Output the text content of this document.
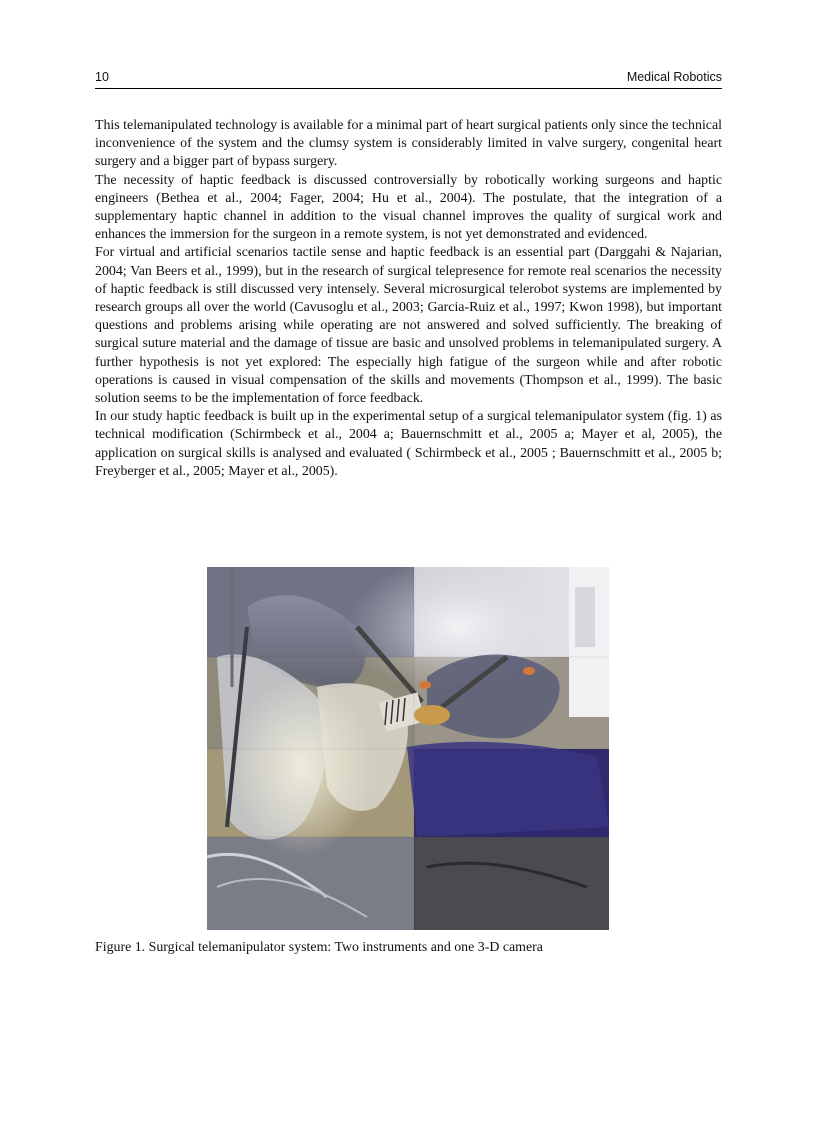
10	Medical Robotics

This telemanipulated technology is available for a minimal part of heart surgical patients only since the technical inconvenience of the system and the clumsy system is considerably limited in valve surgery, congenital heart surgery and a bigger part of bypass surgery.

The necessity of haptic feedback is discussed controversially by robotically working surgeons and haptic engineers (Bethea et al., 2004; Fager, 2004; Hu et al., 2004). The postulate, that the integration of a supplementary haptic channel in addition to the visual channel improves the quality of surgical work and enhances the immersion for the surgeon in a remote system, is not yet demonstrated and evidenced.

For virtual and artificial scenarios tactile sense and haptic feedback is an essential part (Darggahi & Najarian, 2004; Van Beers et al., 1999), but in the research of surgical telepresence for remote real scenarios the necessity of haptic feedback is still discussed very intensely. Several microsurgical telerobot systems are implemented by research groups all over the world (Cavusoglu et al., 2003; Garcia-Ruiz et al., 1997; Kwon 1998), but important questions and problems arising while operating are not answered and solved sufficiently. The breaking of surgical suture material and the damage of tissue are basic and unsolved problems in telemanipulated surgery. A further hypothesis is not yet explored: The especially high fatigue of the surgeon while and after robotic operations is caused in visual compensation of the skills and movements (Thompson et al., 1999). The basic solution seems to be the implementation of force feedback.

In our study haptic feedback is built up in the experimental setup of a surgical telemanipulator system (fig. 1) as technical modification (Schirmbeck et al., 2004 a; Bauernschmitt et al., 2005 a; Mayer et al, 2005), the application on surgical skills is analysed and evaluated ( Schirmbeck et al., 2005 ; Bauernschmitt et al., 2005 b; Freyberger et al., 2005; Mayer et al., 2005).

Figure 1. Surgical telemanipulator system: Two instruments and one 3-D camera
